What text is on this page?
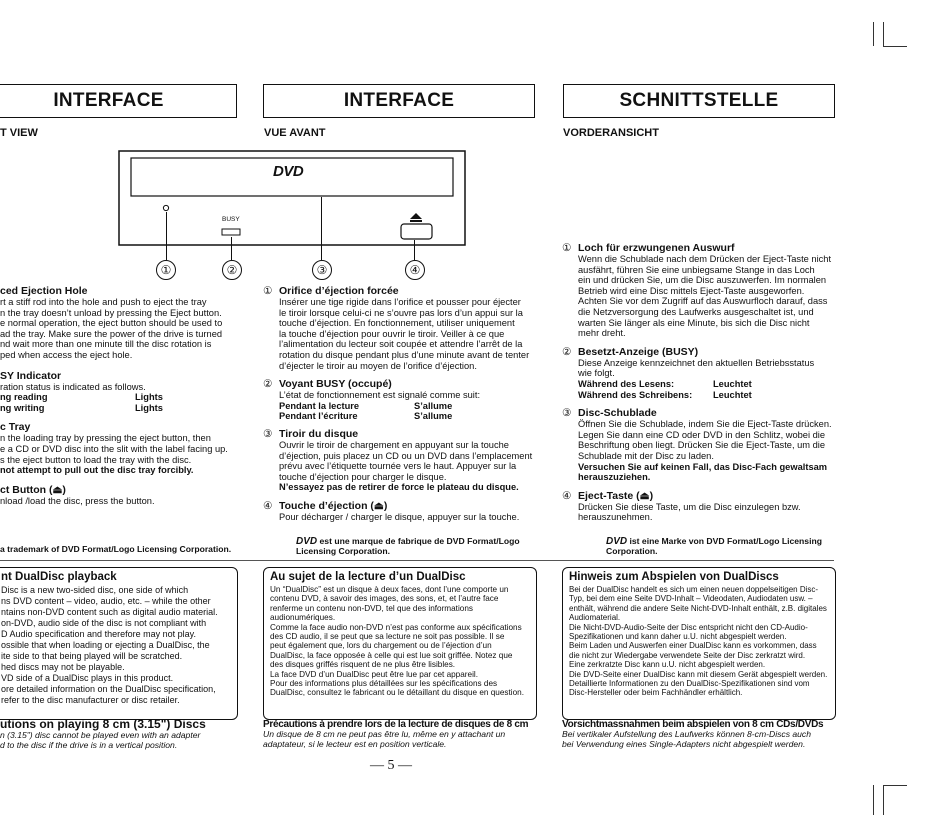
INTERFACE	INTERFACE	SCHNITTSTELLE
T VIEW	VUE AVANT	VORDERANSICHT
DVD
BUSY
①	②	③	④
ced Ejection Hole
rt a stiff rod into the hole and push to eject the tray
n the tray doesn’t unload by pressing the Eject button.
e normal operation, the eject button should be used to
ad the tray. Make sure the power of the drive is turned
nd wait more than one minute till the disc rotation is
ped when access the eject hole.
SY Indicator
ration status is indicated as follows.
ng reading	Lights
ng writing	Lights
c Tray
n the loading tray by pressing the eject button, then
e a CD or DVD disc into the slit with the label facing up.
s the eject button to load the tray with the disc.
not attempt to pull out the disc tray forcibly.
ct Button (⏏)
nload /load the disc, press the button.
a trademark of DVD Format/Logo Licensing Corporation.
① Orifice d’éjection forcée
Insérer une tige rigide dans l’orifice et pousser pour éjecter
le tiroir lorsque celui-ci ne s’ouvre pas lors d’un appui sur la
touche d’éjection. En fonctionnement, utiliser uniquement
la touche d’éjection pour ouvrir le tiroir. Veiller à ce que
l’alimentation du lecteur soit coupée et attendre l’arrêt de la
rotation du disque pendant plus d’une minute avant de tenter
d’éjecter le tiroir au moyen de l’orifice d’éjection.
② Voyant BUSY (occupé)
L’état de fonctionnement est signalé comme suit:
Pendant la lecture	S’allume
Pendant l’écriture	S’allume
③ Tiroir du disque
Ouvrir le tiroir de chargement en appuyant sur la touche
d’éjection, puis placez un CD ou un DVD dans l’emplacement
prévu avec l’étiquette tournée vers le haut. Appuyer sur la
touche d’éjection pour charger le disque.
N’essayez pas de retirer de force le plateau du disque.
④ Touche d’éjection (⏏)
Pour décharger / charger le disque, appuyer sur la touche.
DVD est une marque de fabrique de DVD Format/Logo
Licensing Corporation.
① Loch für erzwungenen Auswurf
Wenn die Schublade nach dem Drücken der Eject-Taste nicht
ausfährt, führen Sie eine unbiegsame Stange in das Loch
ein und drücken Sie, um die Disc auszuwerfen. Im normalen
Betrieb wird eine Disc mittels Eject-Taste ausgeworfen.
Achten Sie vor dem Zugriff auf das Auswurfloch darauf, dass
die Netzversorgung des Laufwerks ausgeschaltet ist, und
warten Sie länger als eine Minute, bis sich die Disc nicht
mehr dreht.
② Besetzt-Anzeige (BUSY)
Diese Anzeige kennzeichnet den aktuellen Betriebsstatus
wie folgt.
Während des Lesens:	Leuchtet
Während des Schreibens:	Leuchtet
③ Disc-Schublade
Öffnen Sie die Schublade, indem Sie die Eject-Taste drücken.
Legen Sie dann eine CD oder DVD in den Schlitz, wobei die
Beschriftung oben liegt. Drücken Sie die Eject-Taste, um die
Schublade mit der Disc zu laden.
Versuchen Sie auf keinen Fall, das Disc-Fach gewaltsam herauszuziehen.
④ Eject-Taste (⏏)
Drücken Sie diese Taste, um die Disc einzulegen bzw.
herauszunehmen.
DVD ist eine Marke von DVD Format/Logo Licensing
Corporation.
nt DualDisc playback
Disc is a new two-sided disc, one side of which
ns DVD content – video, audio, etc. – while the other
ntains non-DVD content such as digital audio material.
on-DVD, audio side of the disc is not compliant with
D Audio specification and therefore may not play.
ossible that when loading or ejecting a DualDisc, the
ite side to that being played will be scratched.
hed discs may not be playable.
VD side of a DualDisc plays in this product.
ore detailed information on the DualDisc specification,
refer to the disc manufacturer or disc retailer.
Au sujet de la lecture d’un DualDisc
Un “DualDisc” est un disque à deux faces, dont l’une comporte un
contenu DVD, à savoir des images, des sons, et, et l’autre face
renferme un contenu non-DVD, tel que des informations
audionumériques.
Comme la face audio non-DVD n’est pas conforme aux spécifications
des CD audio, il se peut que sa lecture ne soit pas possible. Il se
peut également que, lors du chargement ou de l’éjection d’un
DualDisc, la face opposée à celle qui est lue soit griffée. Notez que
des disques griffés risquent de ne plus être lisibles.
La face DVD d’un DualDisc peut être lue par cet appareil.
Pour des informations plus détaillées sur les spécifications des
DualDisc, consultez le fabricant ou le détaillant du disque en question.
Hinweis zum Abspielen von DualDiscs
Bei der DualDisc handelt es sich um einen neuen doppelseitigen Disc-
Typ, bei dem eine Seite DVD-Inhalt – Videodaten, Audiodaten usw. –
enthält, während die andere Seite Nicht-DVD-Inhalt enthält, z.B. digitales
Audiomaterial.
Die Nicht-DVD-Audio-Seite der Disc entspricht nicht den CD-Audio-
Spezifikationen und kann daher u.U. nicht abgespielt werden.
Beim Laden und Auswerfen einer DualDisc kann es vorkommen, dass
die nicht zur Wiedergabe verwendete Seite der Disc zerkratzt wird.
Eine zerkratzte Disc kann u.U. nicht abgespielt werden.
Die DVD-Seite einer DualDisc kann mit diesem Gerät abgespielt werden.
Detaillierte Informationen zu den DualDisc-Spezifikationen sind vom
Disc-Hersteller oder beim Fachhändler erhältlich.
utions on playing 8 cm (3.15") Discs
n (3.15") disc cannot be played even with an adapter
d to the disc if the drive is in a vertical position.
Précautions à prendre lors de la lecture de disques de 8 cm
Un disque de 8 cm ne peut pas être lu, même en y attachant un
adaptateur, si le lecteur est en position verticale.
Vorsichtmassnahmen beim abspielen von 8 cm CDs/DVDs
Bei vertikaler Aufstellung des Laufwerks können 8-cm-Discs auch
bei Verwendung eines Single-Adapters nicht abgespielt werden.
— 5 —
